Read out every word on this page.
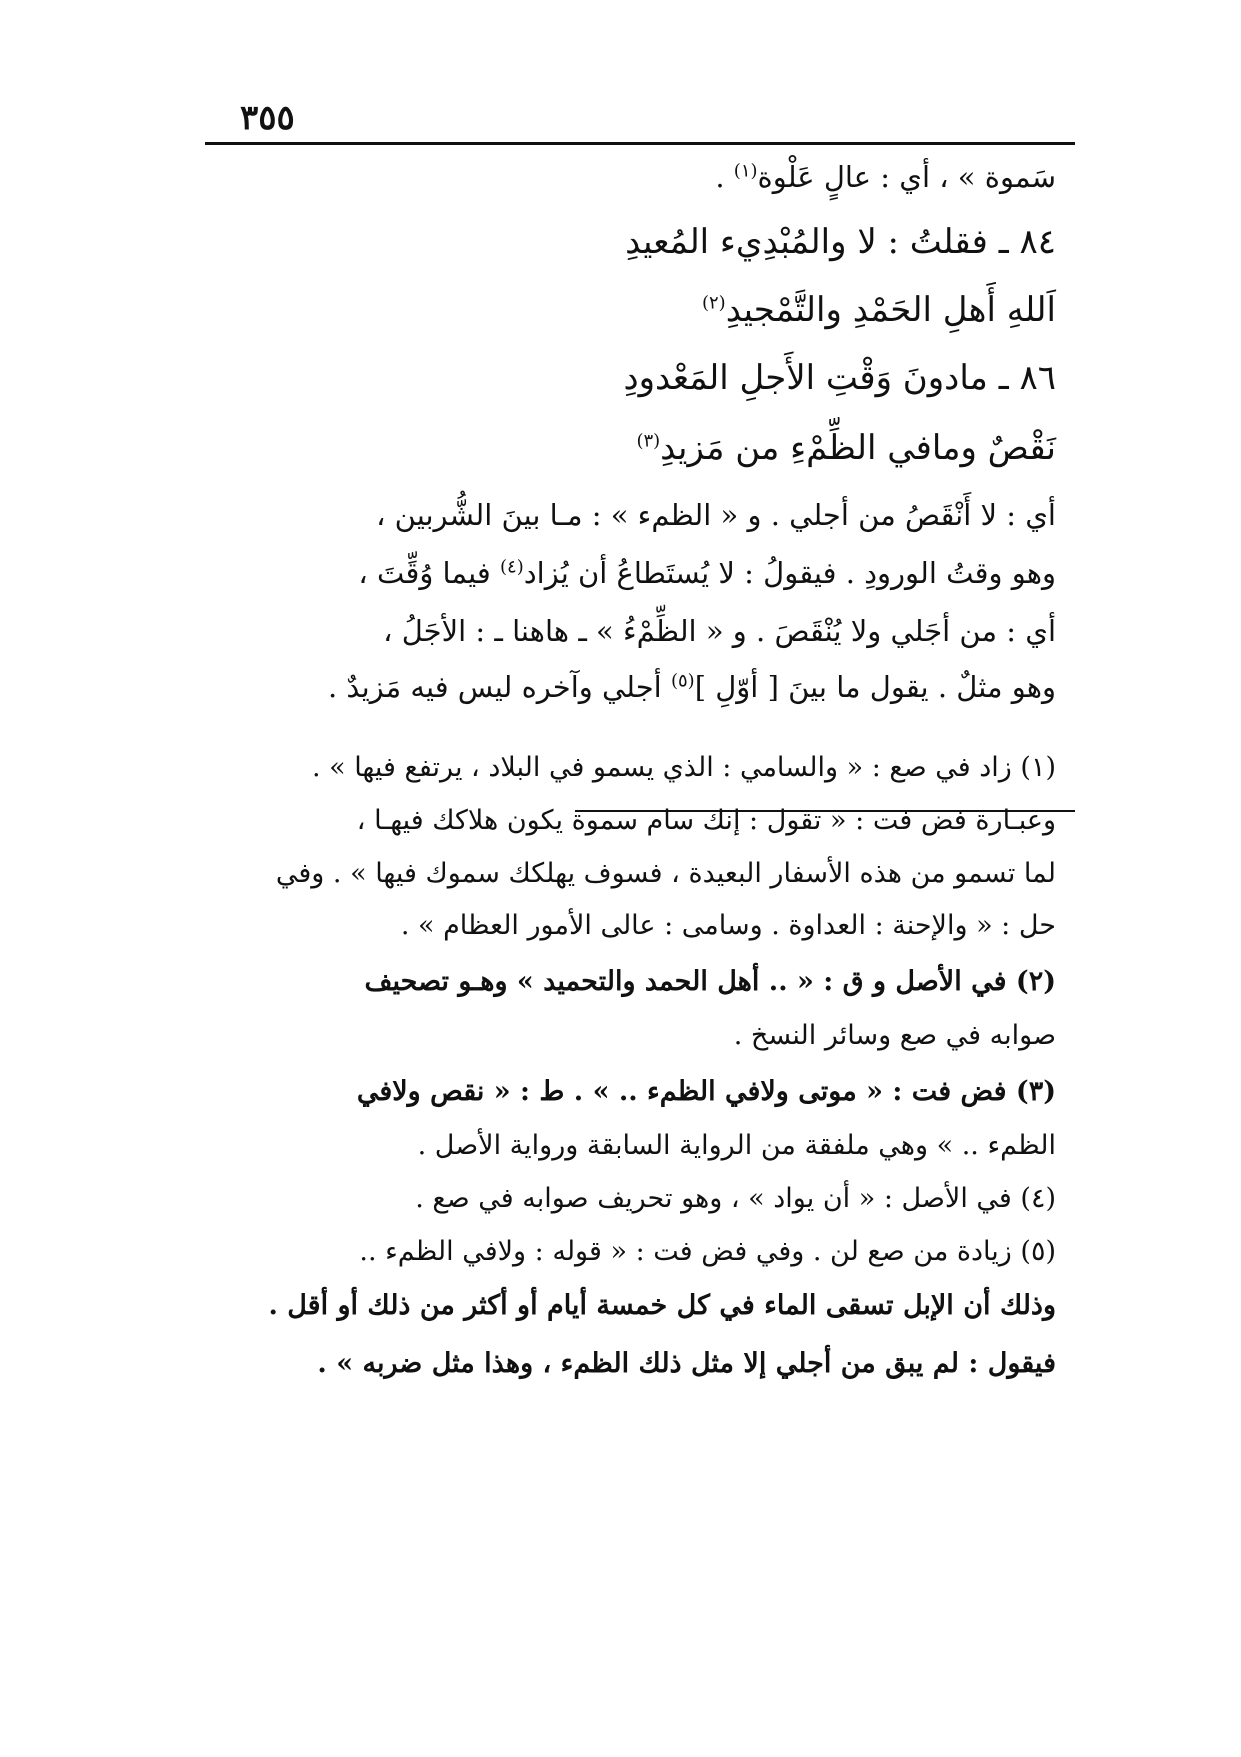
٣٥٥
سَموة » ، أي : عالٍ عَلْوة$^{(١)}$ .
٨٤ ـ فقلتُ : لا والمُبْدِيء المُعيدِ
اَللهِ أَهلِ الحَمْدِ والتَّمْجيدِ$^{(٢)}$
٨٦ ـ مادونَ وَقْتِ الأَجلِ المَعْدودِ
نَقْصٌ ومافي الظِّمْءِ من مَزيدِ$^{(٣)}$
أي : لا أَنْقَصُ من أجلي . و « الظمء » : مـا بينَ الشُّربين ،
وهو وقتُ الورودِ . فيقولُ : لا يُستَطاعُ أن يُزاد$^{(٤)}$ فيما وُقِّتَ ،
أي : من أجَلي ولا يُنْقَصَ . و « الظِّمْءُ » ـ هاهنا ـ : الأجَلُ ،
وهو مثلٌ . يقول ما بينَ [ أوّلِ ]$^{(٥)}$ أجلي وآخره ليس فيه مَزيدٌ .
(١) زاد في صع : « والسامي : الذي يسمو في البلاد ، يرتفع فيها » .
وعبـارة فض فت : « تقول : إنك سام سموة يكون هلاكك فيهـا ،
لما تسمو من هذه الأسفار البعيدة ، فسوف يهلكك سموك فيها » . وفي
حل : « والإحنة : العداوة . وسامى : عالى الأمور العظام » .
(٢) في الأصل و ق : « .. أهل الحمد والتحميد » وهـو تصحيف
صوابه في صع وسائر النسخ .
(٣) فض فت : « موتى ولافي الظمء .. » . ط : « نقص ولافي
الظمء .. » وهي ملفقة من الرواية السابقة ورواية الأصل .
(٤) في الأصل : « أن يواد » ، وهو تحريف صوابه في صع .
(٥) زيادة من صع لن . وفي فض فت : « قوله : ولافي الظمء ..
وذلك أن الإبل تسقى الماء في كل خمسة أيام أو أكثر من ذلك أو أقل .
فيقول : لم يبق من أجلي إلا مثل ذلك الظمء ، وهذا مثل ضربه » .
